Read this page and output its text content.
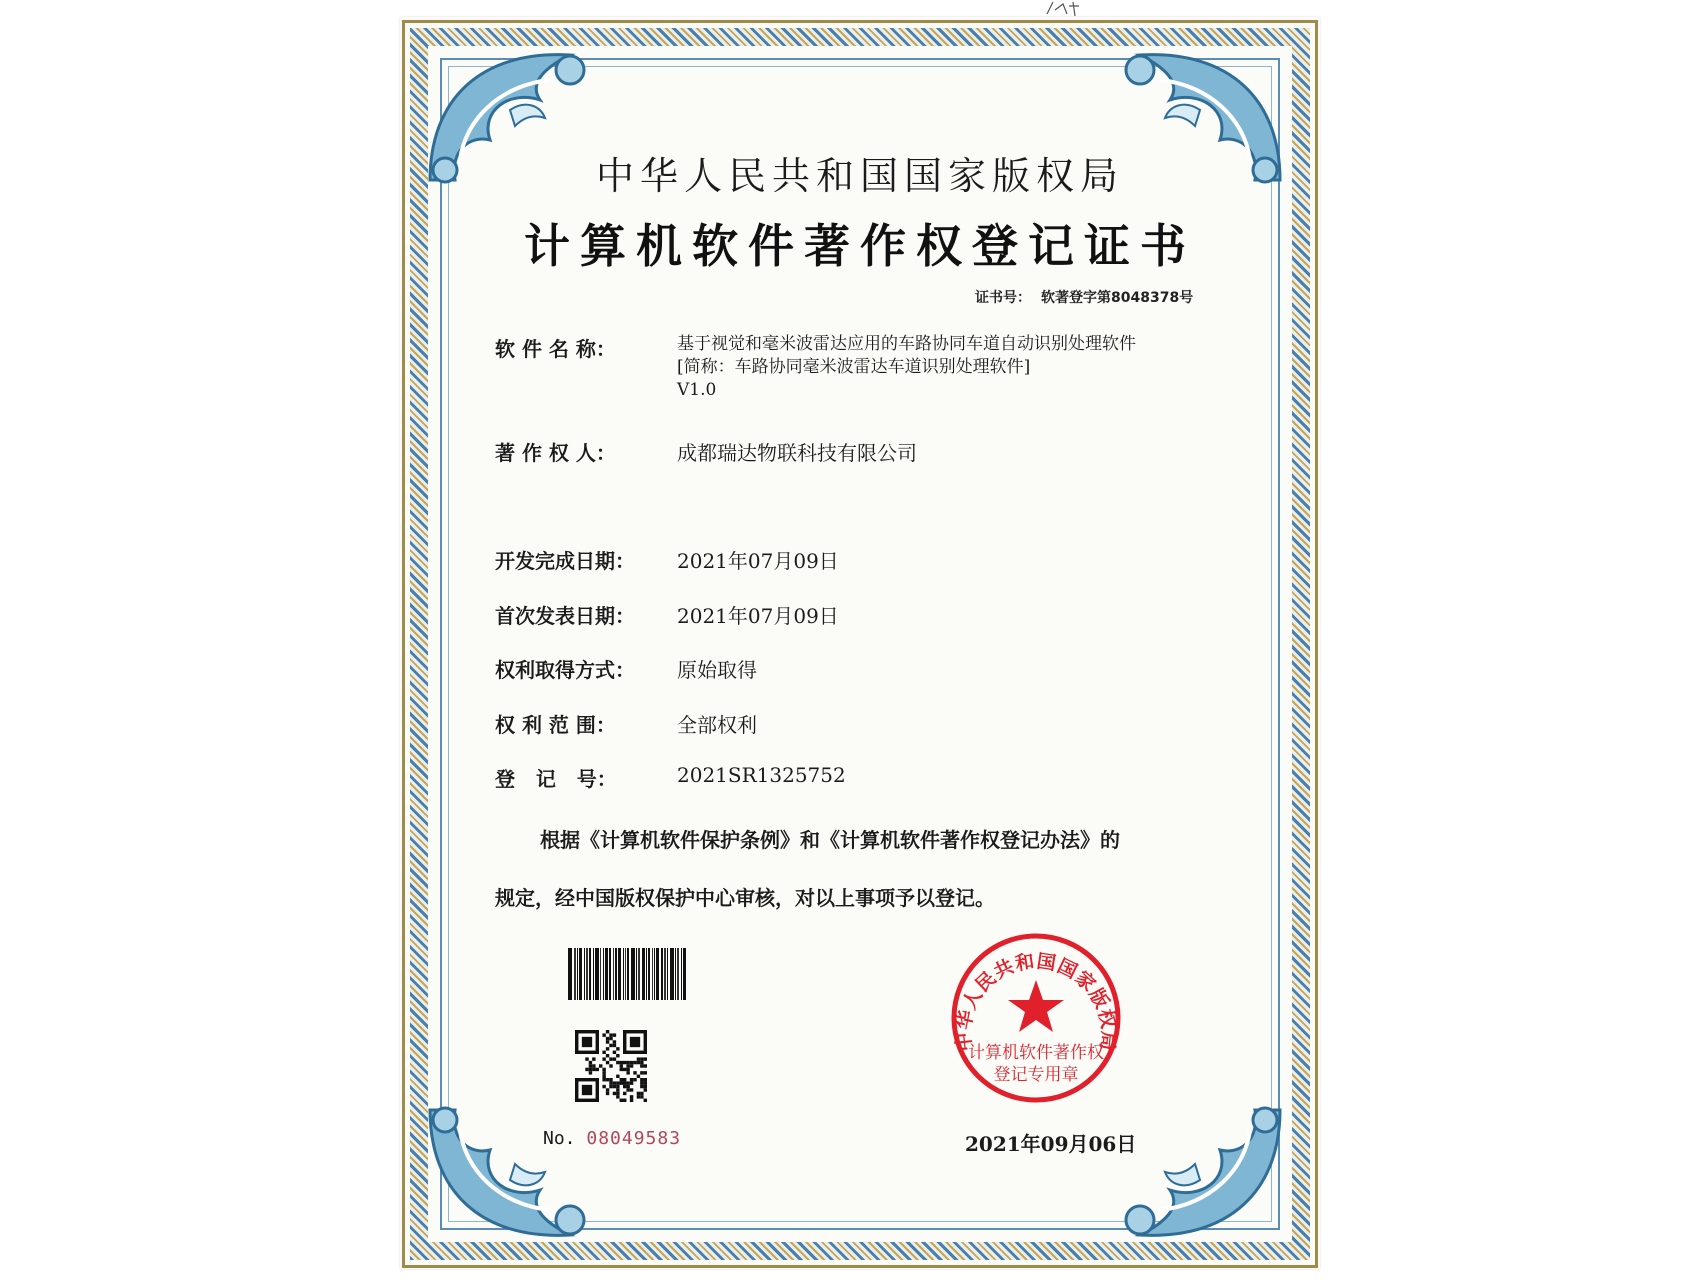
中华人民共和国国家版权局
计算机软件著作权登记证书
证书号： 软著登字第8048378号
软 件 名 称：	基于视觉和毫米波雷达应用的车路协同车道自动识别处理软件
[简称：车路协同毫米波雷达车道识别处理软件]
V1.0
著 作 权 人：	成都瑞达物联科技有限公司
开发完成日期：	2021年07月09日
首次发表日期：	2021年07月09日
权利取得方式：	原始取得
权 利 范 围：	全部权利
登   记   号：	2021SR1325752
根据《计算机软件保护条例》和《计算机软件著作权登记办法》的
规定，经中国版权保护中心审核，对以上事项予以登记。
No. 08049583
中华人民共和国国家版权局
计算机软件著作权
登记专用章
2021年09月06日
